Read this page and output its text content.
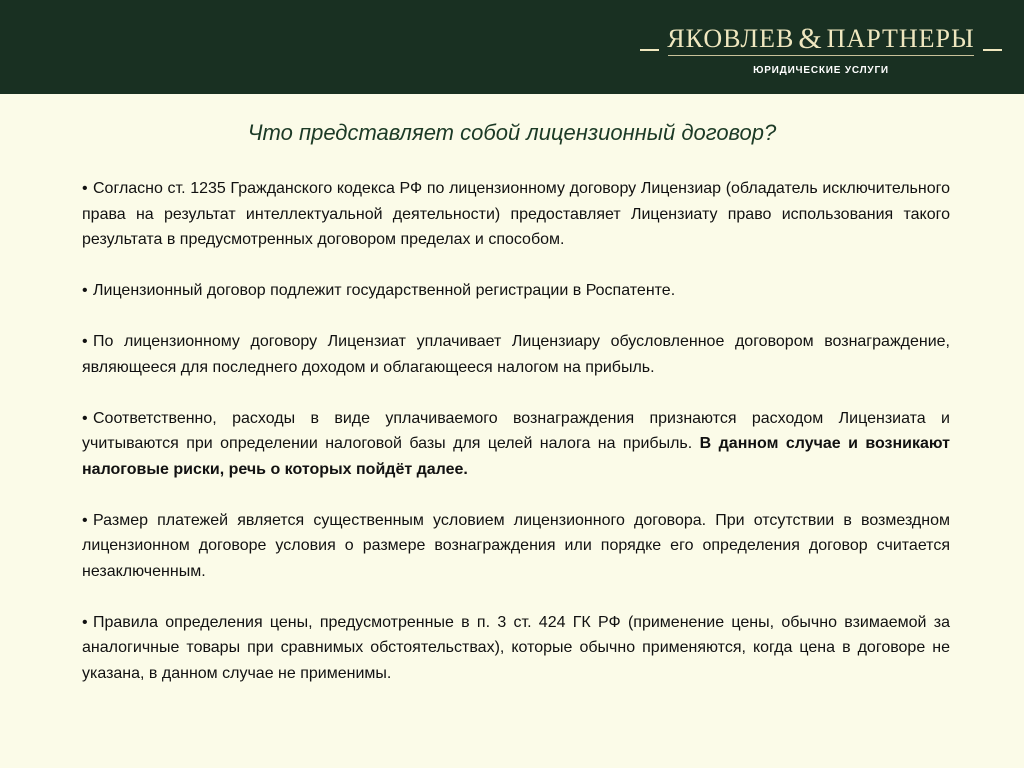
ЯКОВЛЕВ & ПАРТНЕРЫ
ЮРИДИЧЕСКИЕ УСЛУГИ
Что представляет собой лицензионный договор?

• Согласно ст. 1235 Гражданского кодекса РФ по лицензионному договору Лицензиар (обладатель исключительного права на результат интеллектуальной деятельности) предоставляет Лицензиату право использования такого результата в предусмотренных договором пределах и способом.

• Лицензионный договор подлежит государственной регистрации в Роспатенте.

• По лицензионному договору Лицензиат уплачивает Лицензиару обусловленное договором вознаграждение, являющееся для последнего доходом и облагающееся налогом на прибыль.

• Соответственно, расходы в виде уплачиваемого вознаграждения признаются расходом Лицензиата и учитываются при определении налоговой базы для целей налога на прибыль. В данном случае и возникают налоговые риски, речь о которых пойдёт далее.

• Размер платежей является существенным условием лицензионного договора. При отсутствии в возмездном лицензионном договоре условия о размере вознаграждения или порядке его определения договор считается незаключенным.

• Правила определения цены, предусмотренные в п. 3 ст. 424 ГК РФ (применение цены, обычно взимаемой за аналогичные товары при сравнимых обстоятельствах), которые обычно применяются, когда цена в договоре не указана, в данном случае не применимы.
